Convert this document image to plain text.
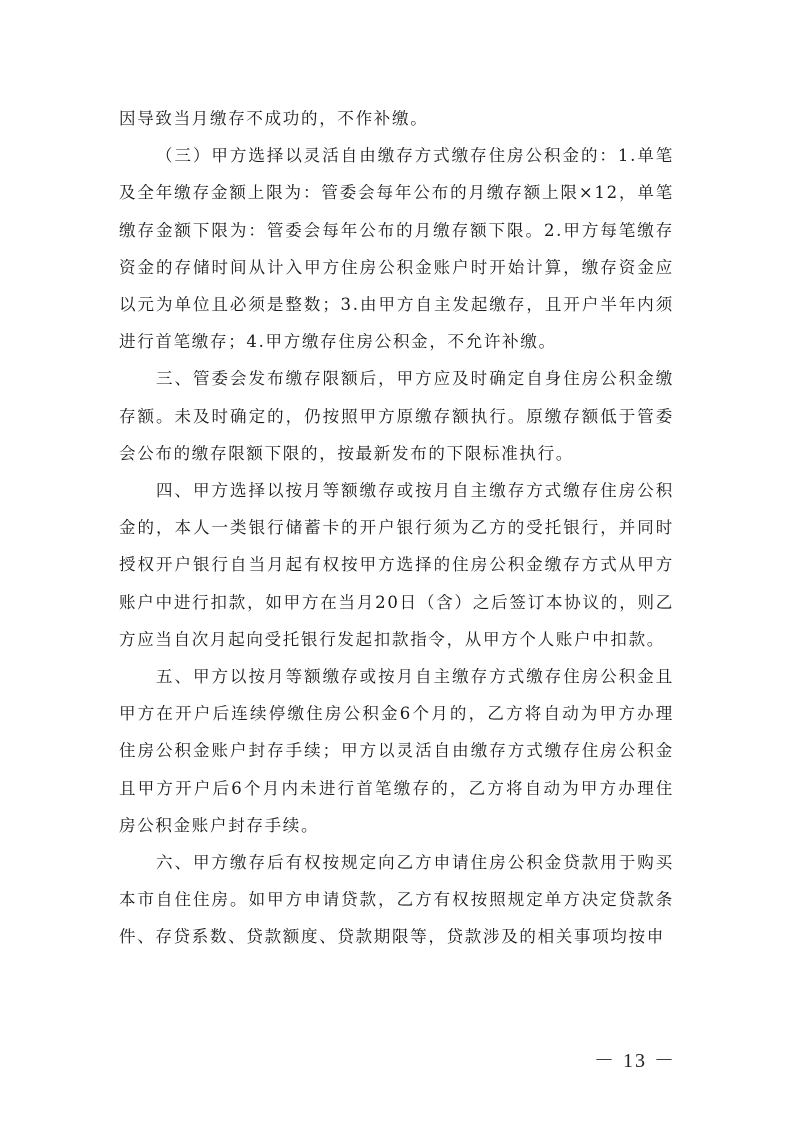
因导致当月缴存不成功的，不作补缴。

（三）甲方选择以灵活自由缴存方式缴存住房公积金的：1.单笔及全年缴存金额上限为：管委会每年公布的月缴存额上限×12，单笔缴存金额下限为：管委会每年公布的月缴存额下限。2.甲方每笔缴存资金的存储时间从计入甲方住房公积金账户时开始计算，缴存资金应以元为单位且必须是整数；3.由甲方自主发起缴存，且开户半年内须进行首笔缴存；4.甲方缴存住房公积金，不允许补缴。

三、管委会发布缴存限额后，甲方应及时确定自身住房公积金缴存额。未及时确定的，仍按照甲方原缴存额执行。原缴存额低于管委会公布的缴存限额下限的，按最新发布的下限标准执行。

四、甲方选择以按月等额缴存或按月自主缴存方式缴存住房公积金的，本人一类银行储蓄卡的开户银行须为乙方的受托银行，并同时授权开户银行自当月起有权按甲方选择的住房公积金缴存方式从甲方账户中进行扣款，如甲方在当月20日（含）之后签订本协议的，则乙方应当自次月起向受托银行发起扣款指令，从甲方个人账户中扣款。

五、甲方以按月等额缴存或按月自主缴存方式缴存住房公积金且甲方在开户后连续停缴住房公积金6个月的，乙方将自动为甲方办理住房公积金账户封存手续；甲方以灵活自由缴存方式缴存住房公积金且甲方开户后6个月内未进行首笔缴存的，乙方将自动为甲方办理住房公积金账户封存手续。

六、甲方缴存后有权按规定向乙方申请住房公积金贷款用于购买本市自住住房。如甲方申请贷款，乙方有权按照规定单方决定贷款条件、存贷系数、贷款额度、贷款期限等，贷款涉及的相关事项均按申

－ 13 －
